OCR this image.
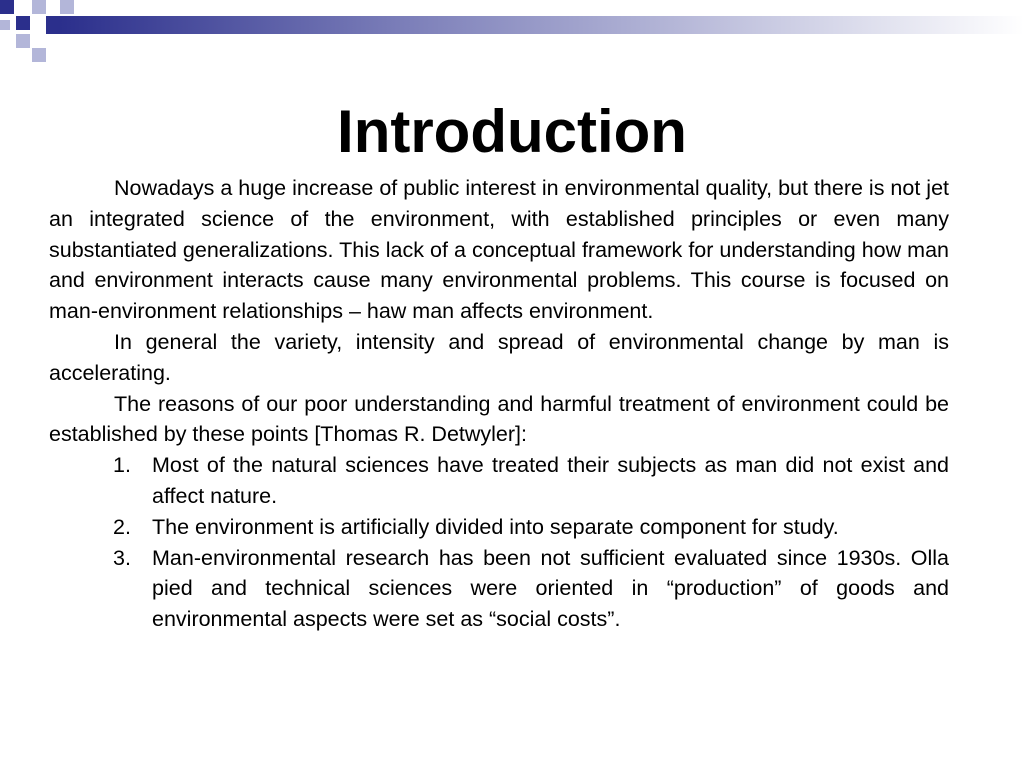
Introduction

Nowadays a huge increase of public interest in environmental quality, but there is not jet an integrated science of the environment, with established principles or even many substantiated generalizations. This lack of a conceptual framework for understanding how man and environment interacts cause many environmental problems. This course is focused on man-environment relationships – haw man affects environment.

In general the variety, intensity and spread of environmental change by man is accelerating.

The reasons of our poor understanding and harmful treatment of environment could be established by these points [Thomas R. Detwyler]:

1. Most of the natural sciences have treated their subjects as man did not exist and affect nature.
2. The environment is artificially divided into separate component for study.
3. Man-environmental research has been not sufficient evaluated since 1930s. Olla pied and technical sciences were oriented in “production” of goods and environmental aspects were set as “social costs”.
